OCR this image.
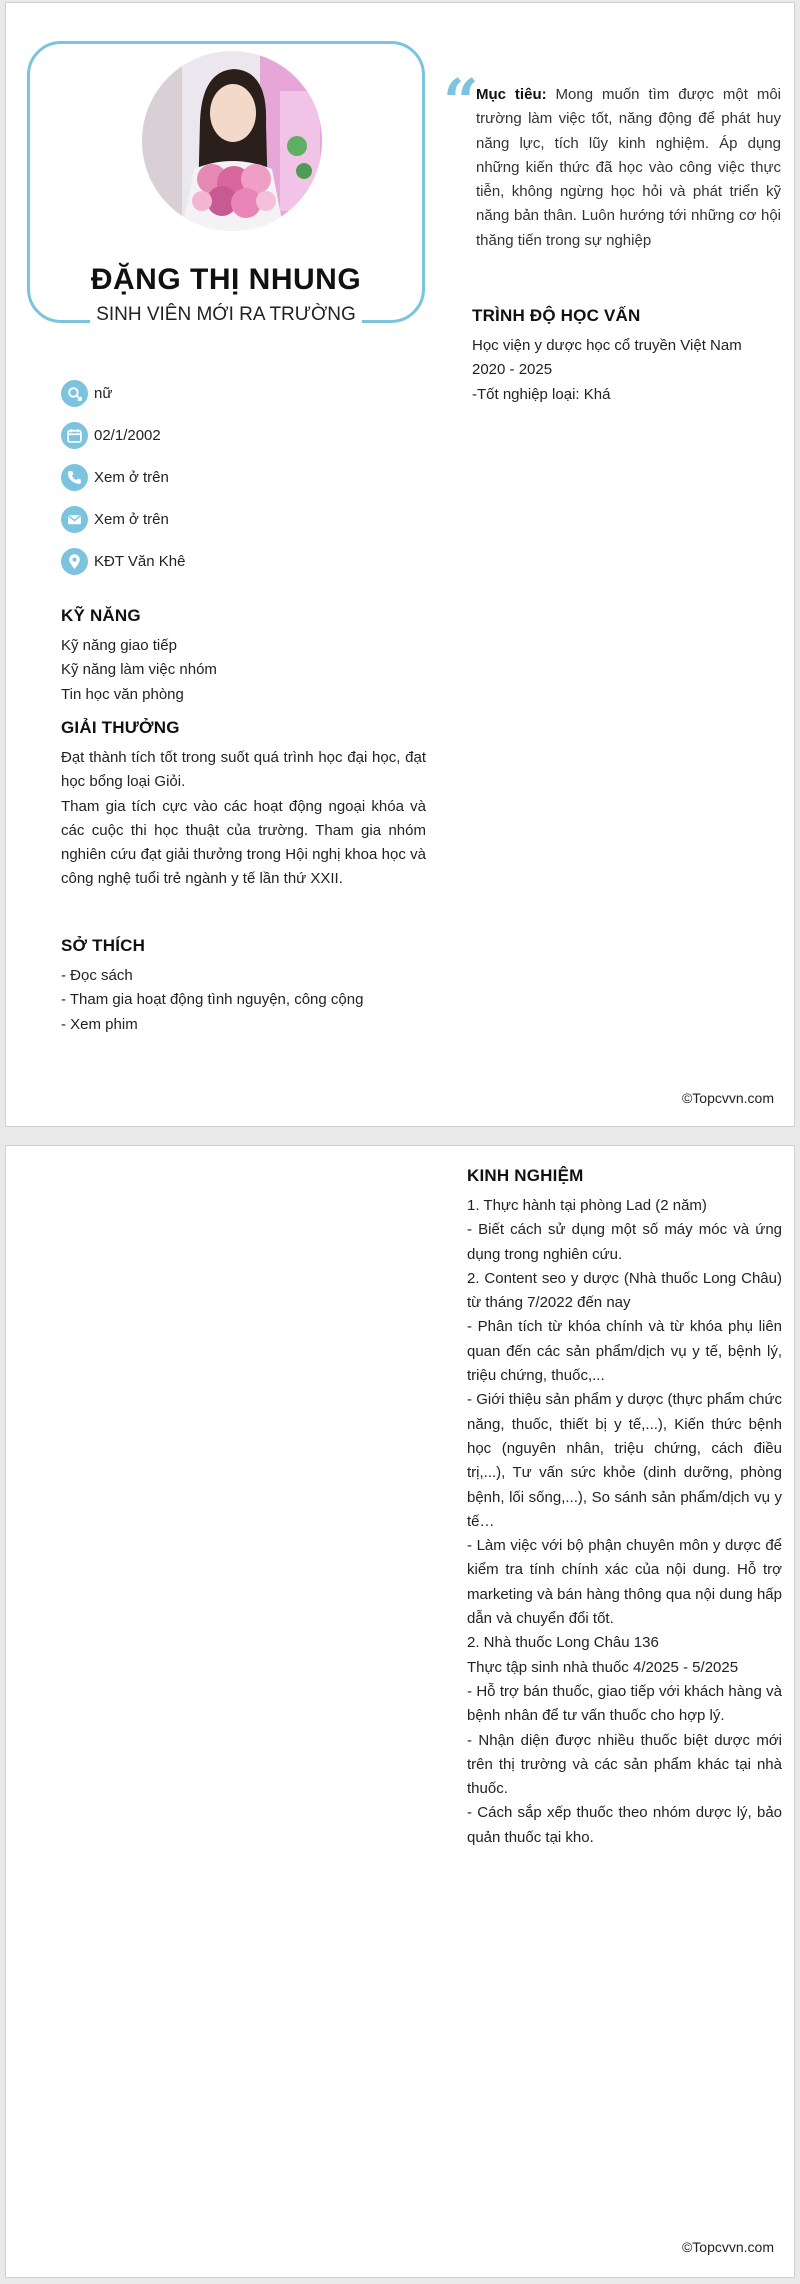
ĐẶNG THỊ NHUNG
SINH VIÊN MỚI RA TRƯỜNG
“
Mục tiêu: Mong muốn tìm được một môi trường làm việc tốt, năng động để phát huy năng lực, tích lũy kinh nghiệm. Áp dụng những kiến thức đã học vào công việc thực tiễn, không ngừng học hỏi và phát triển kỹ năng bản thân. Luôn hướng tới những cơ hội thăng tiến trong sự nghiệp
nữ
02/1/2002
Xem ở trên
Xem ở trên
KĐT Văn Khê
KỸ NĂNG
Kỹ năng giao tiếp
Kỹ năng làm việc nhóm
Tin học văn phòng
GIẢI THƯỞNG
Đạt thành tích tốt trong suốt quá trình học đại học, đạt học bổng loại Giỏi.
Tham gia tích cực vào các hoạt động ngoại khóa và các cuộc thi học thuật của trường. Tham gia nhóm nghiên cứu đạt giải thưởng trong Hội nghị khoa học và công nghệ tuổi trẻ ngành y tế lần thứ XXII.
SỞ THÍCH
- Đọc sách
- Tham gia hoạt động tình nguyện, công cộng
- Xem phim
TRÌNH ĐỘ HỌC VẤN
Học viện y dược học cổ truyền Việt Nam
2020 - 2025
-Tốt nghiệp loại: Khá
©Topcvvn.com
KINH NGHIỆM
1. Thực hành tại phòng Lad (2 năm)
- Biết cách sử dụng một số máy móc và ứng dụng trong nghiên cứu.
2. Content seo y dược (Nhà thuốc Long Châu) từ tháng 7/2022 đến nay
- Phân tích từ khóa chính và từ khóa phụ liên quan đến các sản phẩm/dịch vụ y tế, bệnh lý, triệu chứng, thuốc,...
- Giới thiệu sản phẩm y dược (thực phẩm chức năng, thuốc, thiết bị y tế,...), Kiến thức bệnh học (nguyên nhân, triệu chứng, cách điều trị,...), Tư vấn sức khỏe (dinh dưỡng, phòng bệnh, lối sống,...), So sánh sản phẩm/dịch vụ y tế…
- Làm việc với bộ phận chuyên môn y dược để kiểm tra tính chính xác của nội dung. Hỗ trợ marketing và bán hàng thông qua nội dung hấp dẫn và chuyển đổi tốt.
2. Nhà thuốc Long Châu 136
Thực tập sinh nhà thuốc 4/2025 - 5/2025
- Hỗ trợ bán thuốc, giao tiếp với khách hàng và bệnh nhân để tư vấn thuốc cho hợp lý.
- Nhận diện được nhiều thuốc biệt dược mới trên thị trường và các sản phẩm khác tại nhà thuốc.
- Cách sắp xếp thuốc theo nhóm dược lý, bảo quản thuốc tại kho.
©Topcvvn.com
